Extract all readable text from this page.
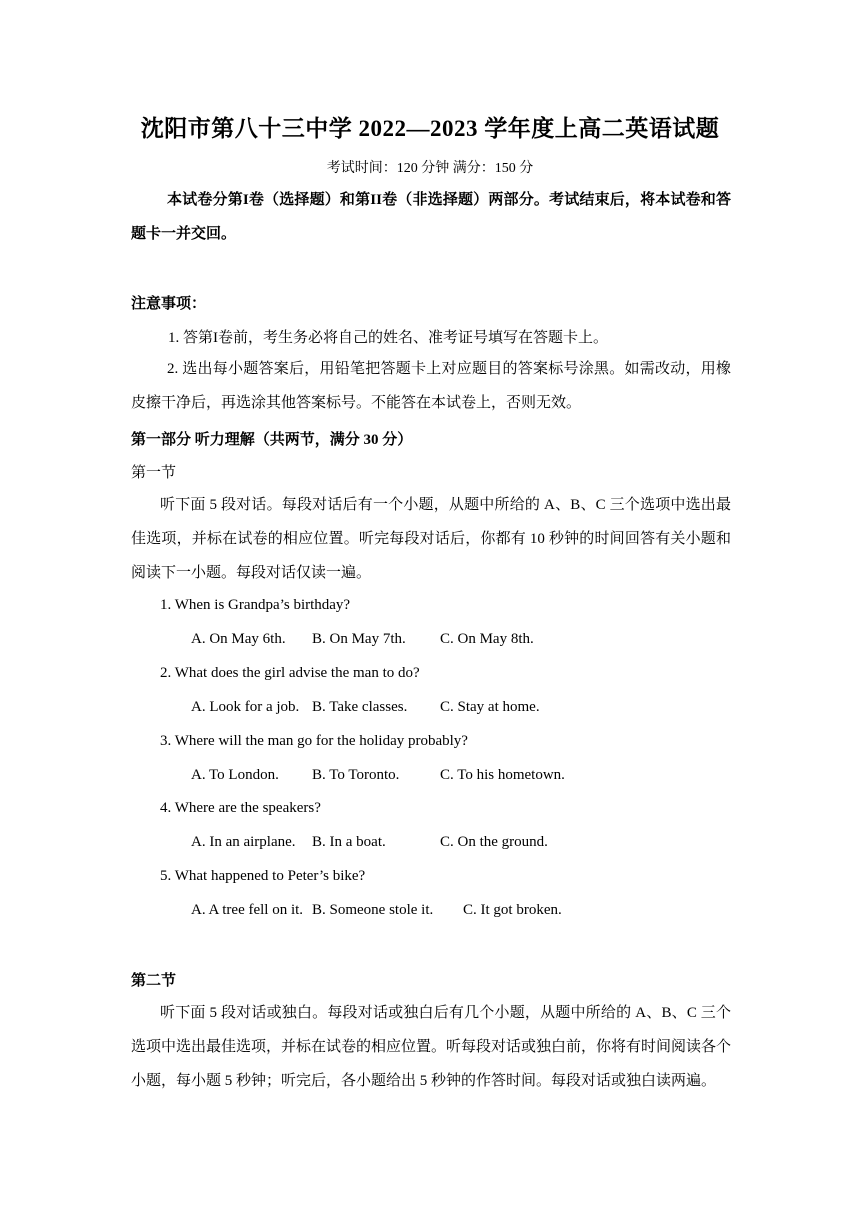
沈阳市第八十三中学 2022—2023 学年度上高二英语试题
考试时间：120 分钟 满分：150 分
本试卷分第I卷（选择题）和第II卷（非选择题）两部分。考试结束后，将本试卷和答题卡一并交回。
注意事项：
1. 答第I卷前，考生务必将自己的姓名、准考证号填写在答题卡上。
2. 选出每小题答案后，用铅笔把答题卡上对应题目的答案标号涂黑。如需改动，用橡皮擦干净后，再选涂其他答案标号。不能答在本试卷上，否则无效。
第一部分 听力理解（共两节，满分 30 分）
第一节
听下面 5 段对话。每段对话后有一个小题，从题中所给的 A、B、C 三个选项中选出最佳选项，并标在试卷的相应位置。听完每段对话后，你都有 10 秒钟的时间回答有关小题和阅读下一小题。每段对话仅读一遍。
1. When is Grandpa’s birthday?
A. On May 6th. B. On May 7th. C. On May 8th.
2. What does the girl advise the man to do?
A. Look for a job. B. Take classes. C. Stay at home.
3. Where will the man go for the holiday probably?
A. To London. B. To Toronto.	C. To his hometown.
4. Where are the speakers?
A. In an airplane. B. In a boat.	C. On the ground.
5. What happened to Peter’s bike?
A. A tree fell on it. B. Someone stole it. C. It got broken.
第二节
听下面 5 段对话或独白。每段对话或独白后有几个小题，从题中所给的 A、B、C 三个选项中选出最佳选项，并标在试卷的相应位置。听每段对话或独白前，你将有时间阅读各个小题，每小题 5 秒钟；听完后，各小题给出 5 秒钟的作答时间。每段对话或独白读两遍。
